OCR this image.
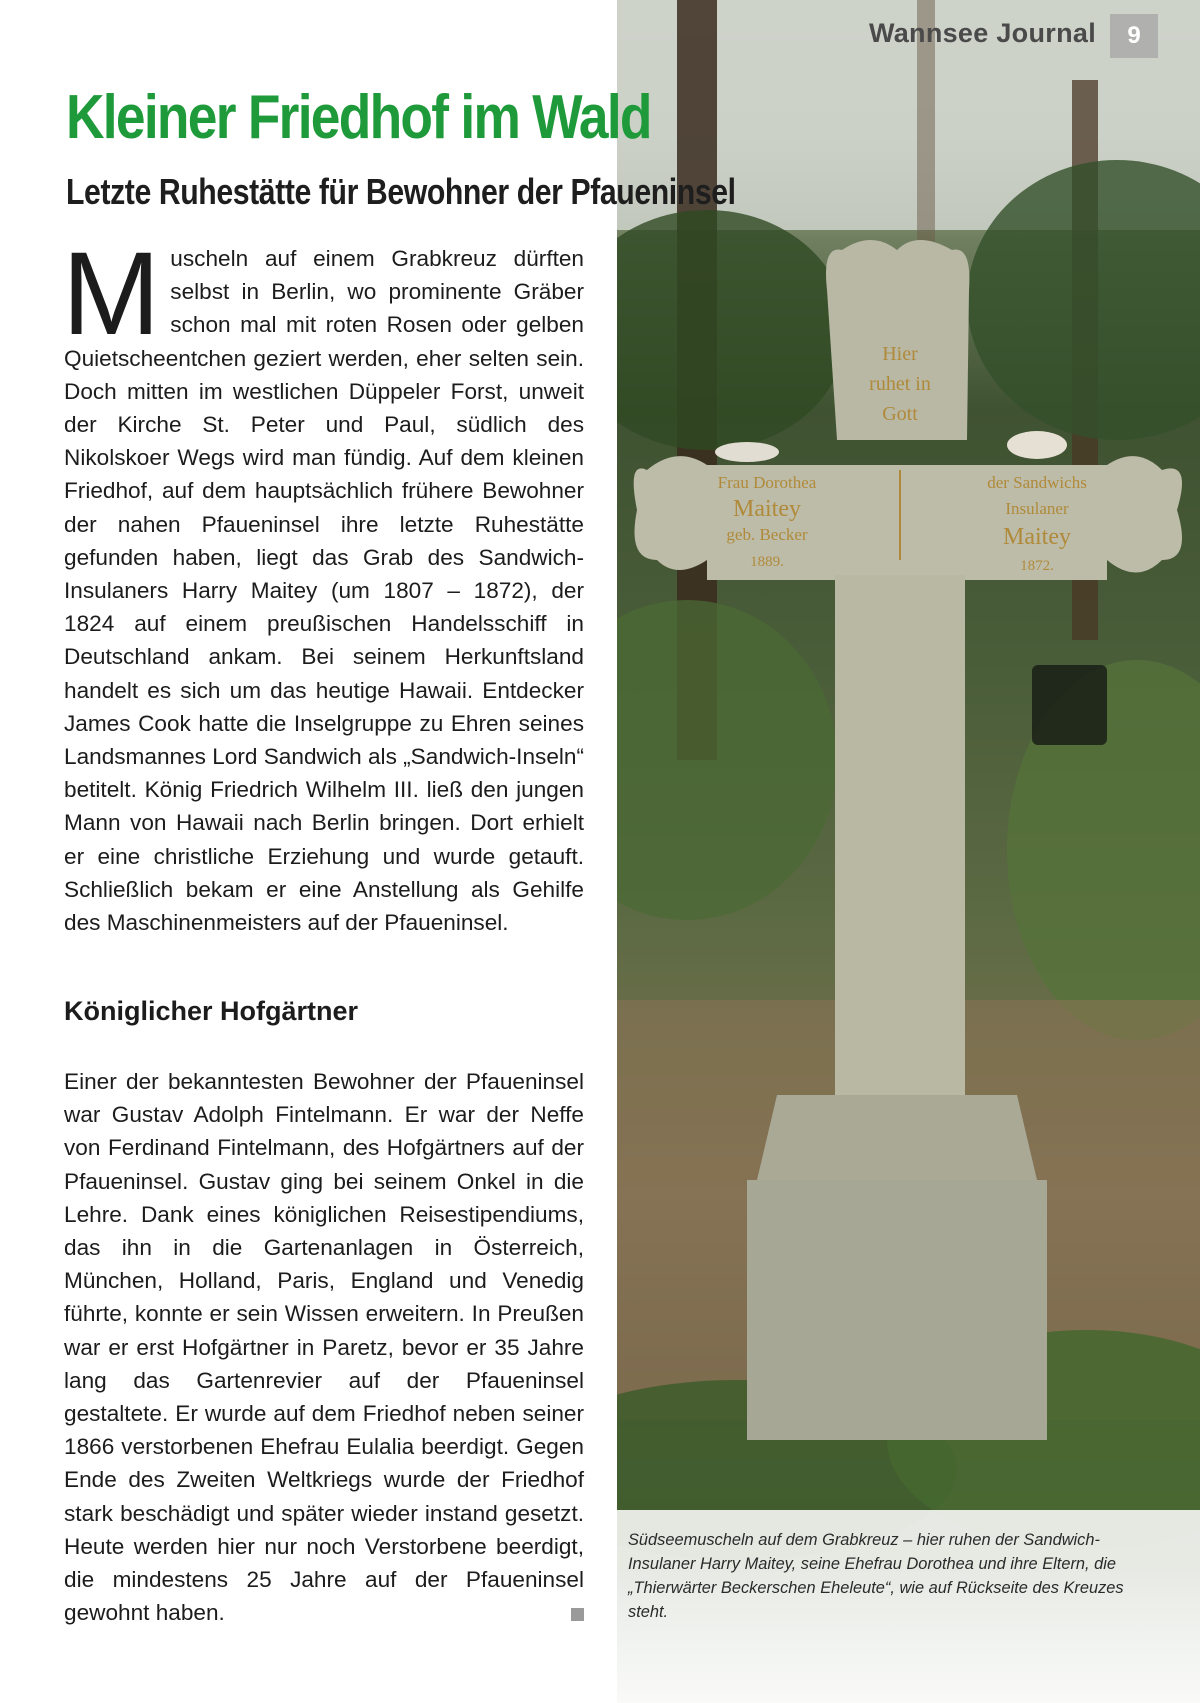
Hier
ruhet in
Gott
Frau Dorothea
Maitey
geb. Becker
1889.
der Sandwichs
Insulaner
Maitey
1872.
Wannsee Journal	9
Kleiner Friedhof im Wald
Letzte Ruhestätte für Bewohner der Pfaueninsel

M uscheln auf einem Grabkreuz dürften selbst in Berlin, wo prominente Gräber schon mal mit roten Rosen oder gelben Quietscheentchen geziert werden, eher selten sein. Doch mitten im westlichen Düppeler Forst, unweit der Kirche St. Peter und Paul, südlich des Nikolskoer Wegs wird man fündig. Auf dem kleinen Friedhof, auf dem hauptsächlich frühere Bewohner der nahen Pfaueninsel ihre letzte Ruhestätte gefunden haben, liegt das Grab des Sandwich-Insulaners Harry Maitey (um 1807 – 1872), der 1824 auf einem preußischen Handelsschiff in Deutschland ankam. Bei seinem Herkunftsland handelt es sich um das heutige Hawaii. Entdecker James Cook hatte die Inselgruppe zu Ehren seines Landsmannes Lord Sandwich als „Sandwich-Inseln“ betitelt. König Friedrich Wilhelm III. ließ den jungen Mann von Hawaii nach Berlin bringen. Dort erhielt er eine christliche Erziehung und wurde getauft. Schließlich bekam er eine Anstellung als Gehilfe des Maschinenmeisters auf der Pfaueninsel.

Königlicher Hofgärtner

Einer der bekanntesten Bewohner der Pfaueninsel war Gustav Adolph Fintelmann. Er war der Neffe von Ferdinand Fintelmann, des Hofgärtners auf der Pfaueninsel. Gustav ging bei seinem Onkel in die Lehre. Dank eines königlichen Reisestipendiums, das ihn in die Gartenanlagen in Österreich, München, Holland, Paris, England und Venedig führte, konnte er sein Wissen erweitern. In Preußen war er erst Hofgärtner in Paretz, bevor er 35 Jahre lang das Gartenrevier auf der Pfaueninsel gestaltete. Er wurde auf dem Friedhof neben seiner 1866 verstorbenen Ehefrau Eulalia beerdigt. Gegen Ende des Zweiten Weltkriegs wurde der Friedhof stark beschädigt und später wieder instand gesetzt. Heute werden hier nur noch Verstorbene beerdigt, die mindestens 25 Jahre auf der Pfaueninsel gewohnt haben.

Südseemuscheln auf dem Grabkreuz – hier ruhen der Sandwich-Insulaner Harry Maitey, seine Ehefrau Dorothea und ihre Eltern, die „Thierwärter Beckerschen Eheleute“, wie auf Rückseite des Kreuzes steht.
